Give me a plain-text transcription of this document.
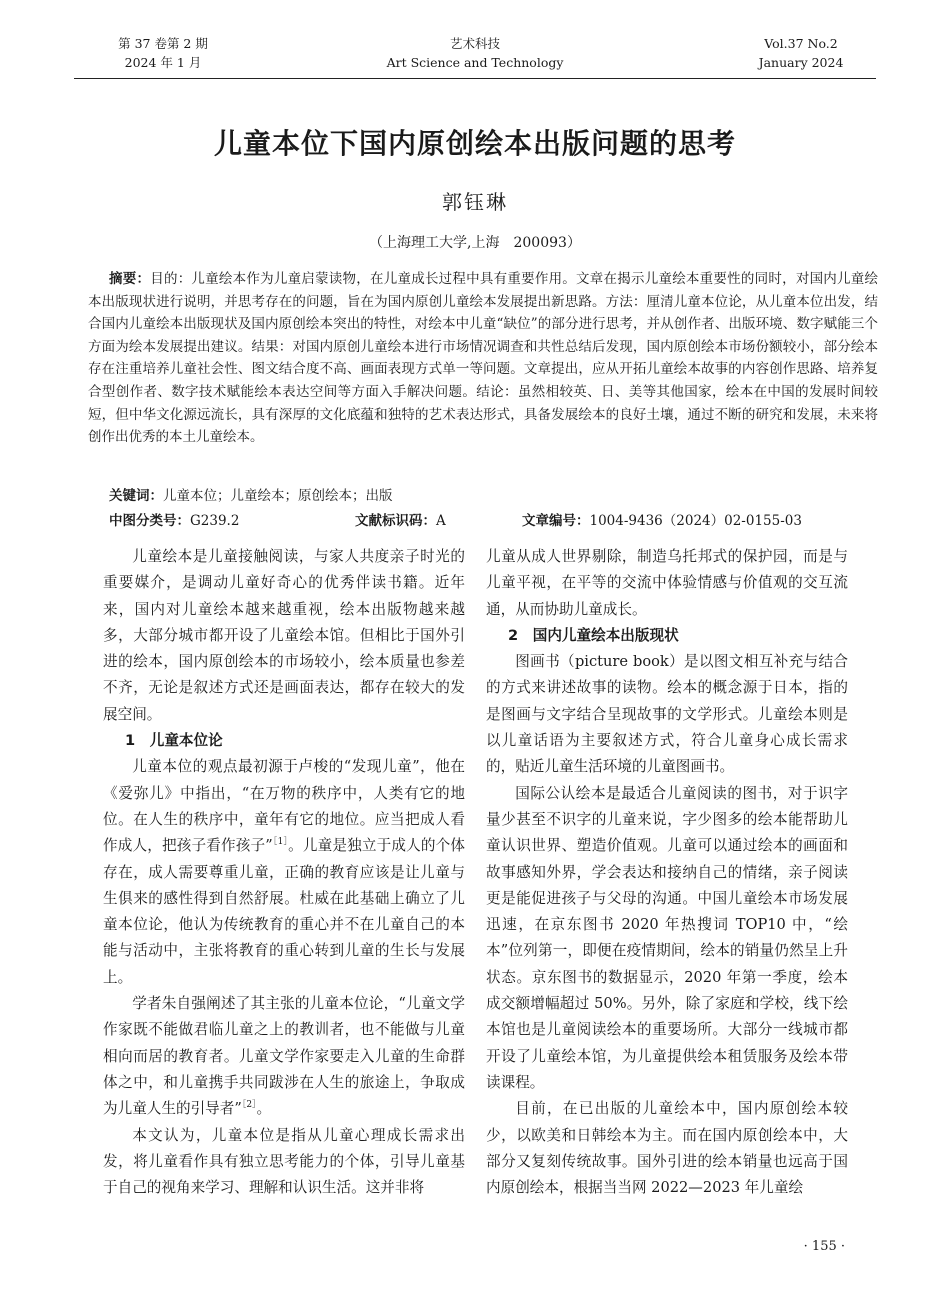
第 37 卷第 2 期
2024 年 1 月
艺术科技
Art Science and Technology
Vol.37 No.2
January 2024
儿童本位下国内原创绘本出版问题的思考
郭钰琳
（上海理工大学,上海　200093）

摘要：目的：儿童绘本作为儿童启蒙读物，在儿童成长过程中具有重要作用。文章在揭示儿童绘本重要性的同时，对国内儿童绘本出版现状进行说明，并思考存在的问题，旨在为国内原创儿童绘本发展提出新思路。方法：厘清儿童本位论，从儿童本位出发，结合国内儿童绘本出版现状及国内原创绘本突出的特性，对绘本中儿童“缺位”的部分进行思考，并从创作者、出版环境、数字赋能三个方面为绘本发展提出建议。结果：对国内原创儿童绘本进行市场情况调查和共性总结后发现，国内原创绘本市场份额较小，部分绘本存在注重培养儿童社会性、图文结合度不高、画面表现方式单一等问题。文章提出，应从开拓儿童绘本故事的内容创作思路、培养复合型创作者、数字技术赋能绘本表达空间等方面入手解决问题。结论：虽然相较英、日、美等其他国家，绘本在中国的发展时间较短，但中华文化源远流长，具有深厚的文化底蕴和独特的艺术表达形式，具备发展绘本的良好土壤，通过不断的研究和发展，未来将创作出优秀的本土儿童绘本。

关键词：儿童本位；儿童绘本；原创绘本；出版
中图分类号：G239.2	文献标识码：A	文章编号：1004-9436（2024）02-0155-03

儿童绘本是儿童接触阅读，与家人共度亲子时光的重要媒介，是调动儿童好奇心的优秀伴读书籍。近年来，国内对儿童绘本越来越重视，绘本出版物越来越多，大部分城市都开设了儿童绘本馆。但相比于国外引进的绘本，国内原创绘本的市场较小，绘本质量也参差不齐，无论是叙述方式还是画面表达，都存在较大的发展空间。

1　儿童本位论

儿童本位的观点最初源于卢梭的“发现儿童”，他在《爱弥儿》中指出，“在万物的秩序中，人类有它的地位。在人生的秩序中，童年有它的地位。应当把成人看作成人，把孩子看作孩子”$^{[1]}$。儿童是独立于成人的个体存在，成人需要尊重儿童，正确的教育应该是让儿童与生俱来的感性得到自然舒展。杜威在此基础上确立了儿童本位论，他认为传统教育的重心并不在儿童自己的本能与活动中，主张将教育的重心转到儿童的生长与发展上。

学者朱自强阐述了其主张的儿童本位论，“儿童文学作家既不能做君临儿童之上的教训者，也不能做与儿童相向而居的教育者。儿童文学作家要走入儿童的生命群体之中，和儿童携手共同跋涉在人生的旅途上，争取成为儿童人生的引导者”$^{[2]}$。

本文认为，儿童本位是指从儿童心理成长需求出发，将儿童看作具有独立思考能力的个体，引导儿童基于自己的视角来学习、理解和认识生活。这并非将

儿童从成人世界剔除，制造乌托邦式的保护园，而是与儿童平视，在平等的交流中体验情感与价值观的交互流通，从而协助儿童成长。

2　国内儿童绘本出版现状

图画书（picture book）是以图文相互补充与结合的方式来讲述故事的读物。绘本的概念源于日本，指的是图画与文字结合呈现故事的文学形式。儿童绘本则是以儿童话语为主要叙述方式，符合儿童身心成长需求的，贴近儿童生活环境的儿童图画书。

国际公认绘本是最适合儿童阅读的图书，对于识字量少甚至不识字的儿童来说，字少图多的绘本能帮助儿童认识世界、塑造价值观。儿童可以通过绘本的画面和故事感知外界，学会表达和接纳自己的情绪，亲子阅读更是能促进孩子与父母的沟通。中国儿童绘本市场发展迅速，在京东图书 2020 年热搜词 TOP10 中，“绘本”位列第一，即便在疫情期间，绘本的销量仍然呈上升状态。京东图书的数据显示，2020 年第一季度，绘本成交额增幅超过 50%。另外，除了家庭和学校，线下绘本馆也是儿童阅读绘本的重要场所。大部分一线城市都开设了儿童绘本馆，为儿童提供绘本租赁服务及绘本带读课程。

目前，在已出版的儿童绘本中，国内原创绘本较少，以欧美和日韩绘本为主。而在国内原创绘本中，大部分又复刻传统故事。国外引进的绘本销量也远高于国内原创绘本，根据当当网 2022—2023 年儿童绘

· 155 ·
